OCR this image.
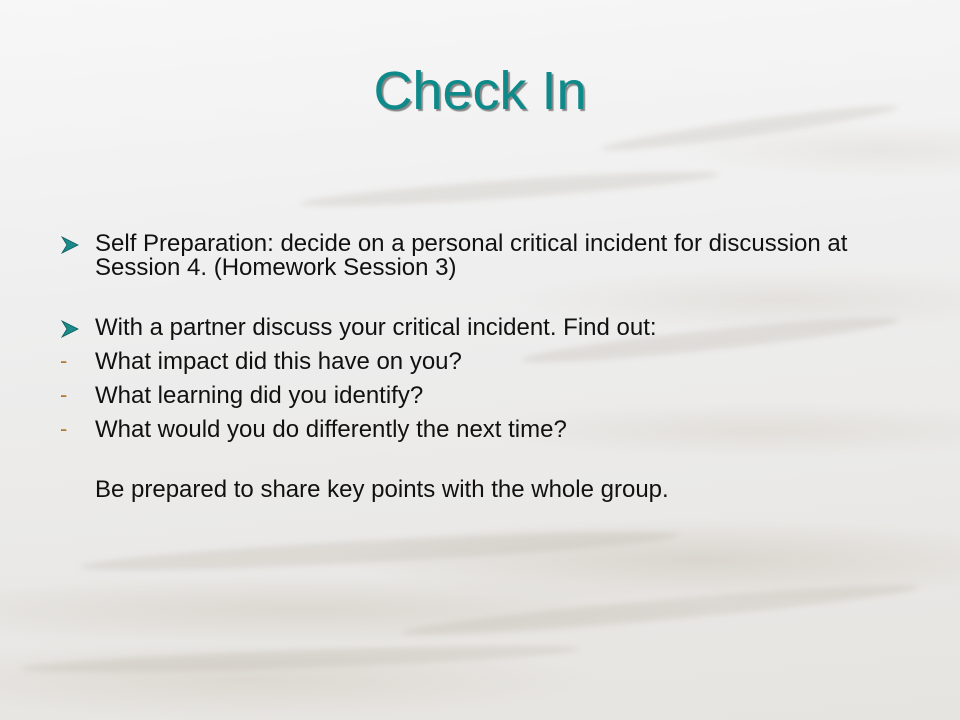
Check In
Self Preparation: decide on a personal critical incident for discussion at Session 4. (Homework Session 3)
With a partner discuss your critical incident. Find out:
- What impact did this have on you?
- What learning did you identify?
- What would you do differently the next time?
Be prepared to share key points with the whole group.
